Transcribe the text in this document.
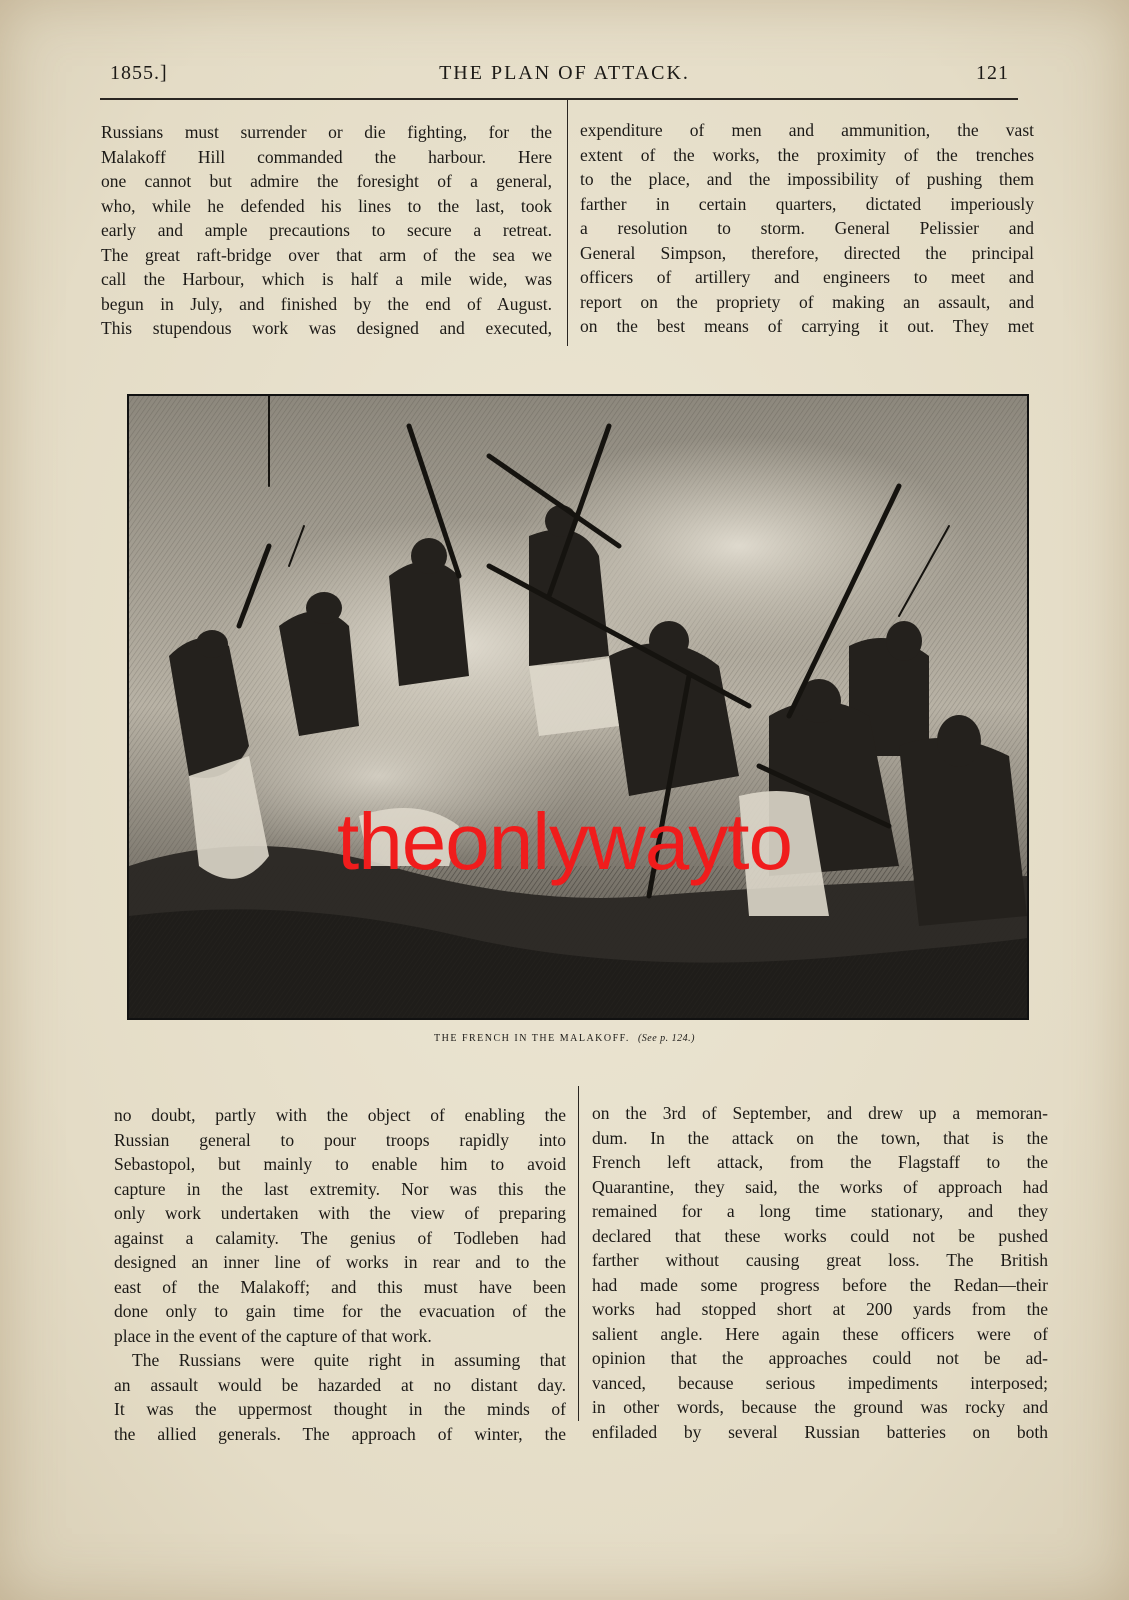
1855.]	THE PLAN OF ATTACK.	121
Russians must surrender or die fighting, for the
Malakoff Hill commanded the harbour. Here
one cannot but admire the foresight of a general,
who, while he defended his lines to the last, took
early and ample precautions to secure a retreat.
The great raft-bridge over that arm of the sea we
call the Harbour, which is half a mile wide, was
begun in July, and finished by the end of August.
This stupendous work was designed and executed,
expenditure of men and ammunition, the vast
extent of the works, the proximity of the trenches
to the place, and the impossibility of pushing them
farther in certain quarters, dictated imperiously
a resolution to storm. General Pelissier and
General Simpson, therefore, directed the principal
officers of artillery and engineers to meet and
report on the propriety of making an assault, and
on the best means of carrying it out. They met
THE FRENCH IN THE MALAKOFF. (See p. 124.)
no doubt, partly with the object of enabling the
Russian general to pour troops rapidly into
Sebastopol, but mainly to enable him to avoid
capture in the last extremity. Nor was this the
only work undertaken with the view of preparing
against a calamity. The genius of Todleben had
designed an inner line of works in rear and to the
east of the Malakoff; and this must have been
done only to gain time for the evacuation of the
place in the event of the capture of that work.
The Russians were quite right in assuming that
an assault would be hazarded at no distant day.
It was the uppermost thought in the minds of
the allied generals. The approach of winter, the
on the 3rd of September, and drew up a memoran-
dum. In the attack on the town, that is the
French left attack, from the Flagstaff to the
Quarantine, they said, the works of approach had
remained for a long time stationary, and they
declared that these works could not be pushed
farther without causing great loss. The British
had made some progress before the Redan—their
works had stopped short at 200 yards from the
salient angle. Here again these officers were of
opinion that the approaches could not be ad-
vanced, because serious impediments interposed;
in other words, because the ground was rocky and
enfiladed by several Russian batteries on both
theonlywayto
